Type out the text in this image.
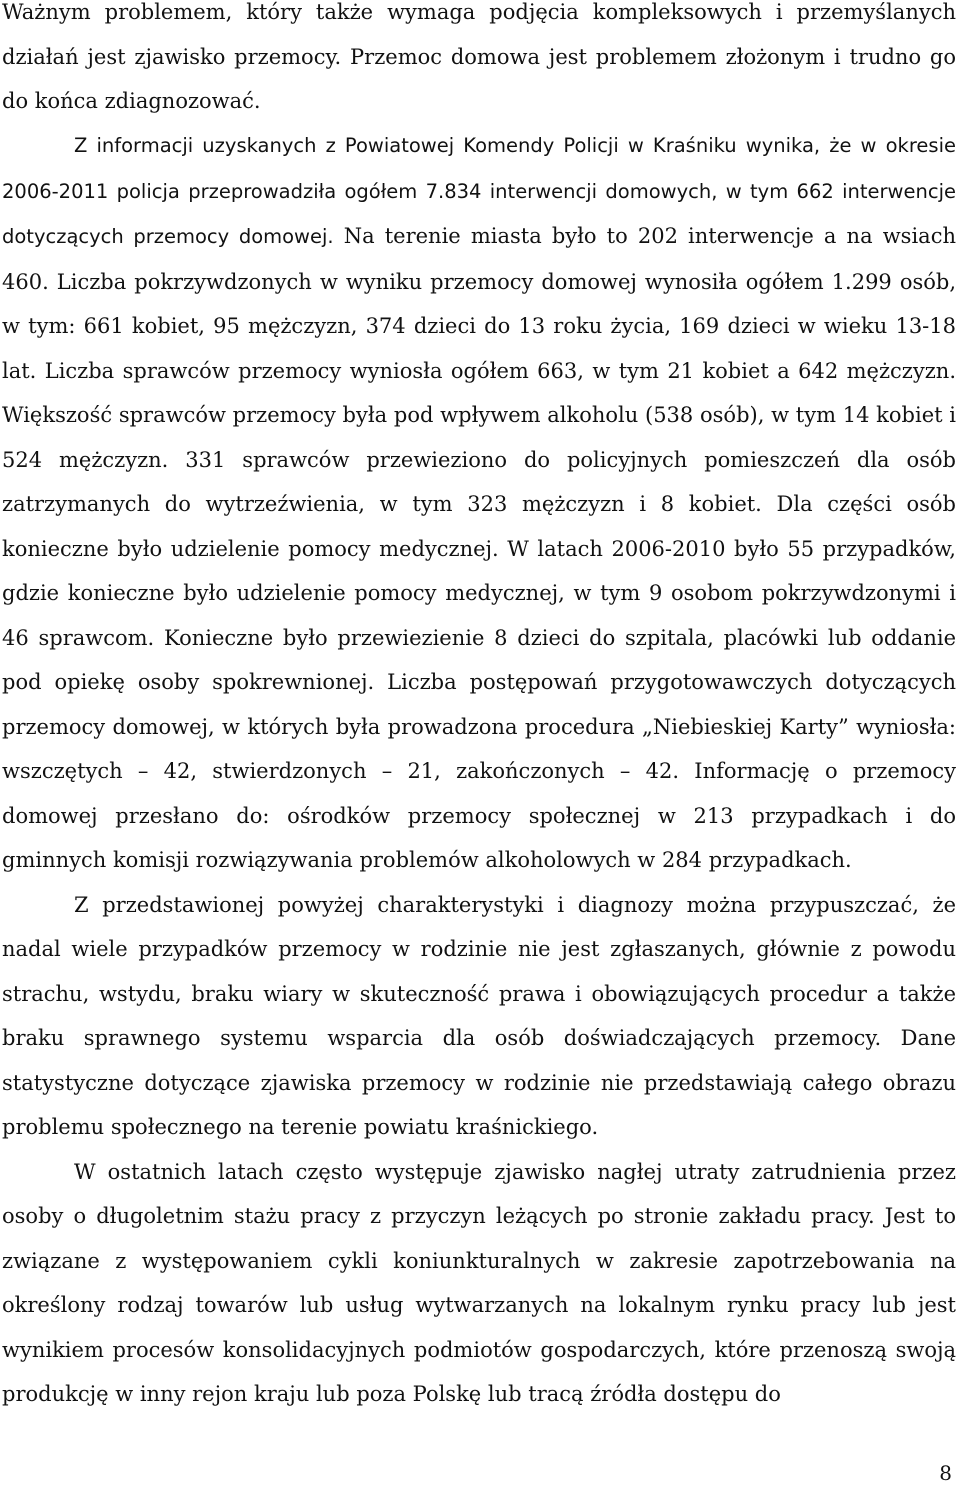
Ważnym problemem, który także wymaga podjęcia kompleksowych i przemyślanych działań jest zjawisko przemocy. Przemoc domowa jest problemem złożonym i trudno go do końca zdiagnozować.

Z informacji uzyskanych z Powiatowej Komendy Policji w Kraśniku wynika, że w okresie 2006-2011 policja przeprowadziła ogółem 7.834 interwencji domowych, w tym 662 interwencje dotyczących przemocy domowej. Na terenie miasta było to 202 interwencje a na wsiach 460. Liczba pokrzywdzonych w wyniku przemocy domowej wynosiła ogółem 1.299 osób, w tym: 661 kobiet, 95 mężczyzn, 374 dzieci do 13 roku życia, 169 dzieci w wieku 13-18 lat. Liczba sprawców przemocy wyniosła ogółem 663, w tym 21 kobiet a 642 mężczyzn. Większość sprawców przemocy była pod wpływem alkoholu (538 osób), w tym 14 kobiet i 524 mężczyzn. 331 sprawców przewieziono do policyjnych pomieszczeń dla osób zatrzymanych do wytrzeźwienia, w tym 323 mężczyzn i 8 kobiet. Dla części osób konieczne było udzielenie pomocy medycznej. W latach 2006-2010 było 55 przypadków, gdzie konieczne było udzielenie pomocy medycznej, w tym 9 osobom pokrzywdzonymi i 46 sprawcom. Konieczne było przewiezienie 8 dzieci do szpitala, placówki lub oddanie pod opiekę osoby spokrewnionej. Liczba postępowań przygotowawczych dotyczących przemocy domowej, w których była prowadzona procedura „Niebieskiej Karty” wyniosła: wszczętych – 42, stwierdzonych – 21, zakończonych – 42. Informację o przemocy domowej przesłano do: ośrodków przemocy społecznej w 213 przypadkach i do gminnych komisji rozwiązywania problemów alkoholowych w 284 przypadkach.

Z przedstawionej powyżej charakterystyki i diagnozy można przypuszczać, że nadal wiele przypadków przemocy w rodzinie nie jest zgłaszanych, głównie z powodu strachu, wstydu, braku wiary w skuteczność prawa i obowiązujących procedur a także braku sprawnego systemu wsparcia dla osób doświadczających przemocy. Dane statystyczne dotyczące zjawiska przemocy w rodzinie nie przedstawiają całego obrazu problemu społecznego na terenie powiatu kraśnickiego.

W ostatnich latach często występuje zjawisko nagłej utraty zatrudnienia przez osoby o długoletnim stażu pracy z przyczyn leżących po stronie zakładu pracy. Jest to związane z występowaniem cykli koniunkturalnych w zakresie zapotrzebowania na określony rodzaj towarów lub usług wytwarzanych na lokalnym rynku pracy lub jest wynikiem procesów konsolidacyjnych podmiotów gospodarczych, które przenoszą swoją produkcję w inny rejon kraju lub poza Polskę lub tracą źródła dostępu do

8
